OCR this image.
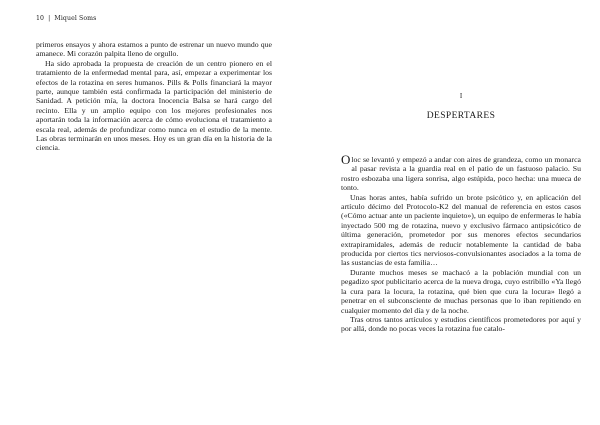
10 | Miquel Soms

primeros ensayos y ahora estamos a punto de estrenar un nuevo mundo que amanece. Mi corazón palpita lleno de orgullo.

Ha sido aprobada la propuesta de creación de un centro pionero en el tratamiento de la enfermedad mental para, así, empezar a experimentar los efectos de la rotazina en seres humanos. Pills & Polls financiará la mayor parte, aunque también está confirmada la participación del ministerio de Sanidad. A petición mía, la doctora Inocencia Balsa se hará cargo del recinto. Ella y un amplio equipo con los mejores profesionales nos aportarán toda la información acerca de cómo evoluciona el tratamiento a escala real, además de profundizar como nunca en el estudio de la mente. Las obras terminarán en unos meses. Hoy es un gran día en la historia de la ciencia.

I
DESPERTARES

Oloc se levantó y empezó a andar con aires de grandeza, como un monarca al pasar revista a la guardia real en el patio de un fastuoso palacio. Su rostro esbozaba una ligera sonrisa, algo estúpida, poco hecha: una mueca de tonto.

Unas horas antes, había sufrido un brote psicótico y, en aplicación del artículo décimo del Protocolo-K2 del manual de referencia en estos casos («Cómo actuar ante un paciente inquieto»), un equipo de enfermeras le había inyectado 500 mg de rotazina, nuevo y exclusivo fármaco antipsicótico de última generación, prometedor por sus menores efectos secundarios extrapiramidales, además de reducir notablemente la cantidad de baba producida por ciertos tics nerviosos-convulsionantes asociados a la toma de las sustancias de esta familia…

Durante muchos meses se machacó a la población mundial con un pegadizo spot publicitario acerca de la nueva droga, cuyo estribillo «Ya llegó la cura para la locura, la rotazina, qué bien que cura la locura» llegó a penetrar en el subconsciente de muchas personas que lo iban repitiendo en cualquier momento del día y de la noche.

Tras otros tantos artículos y estudios científicos prometedores por aquí y por allá, donde no pocas veces la rotazina fue catalo-
